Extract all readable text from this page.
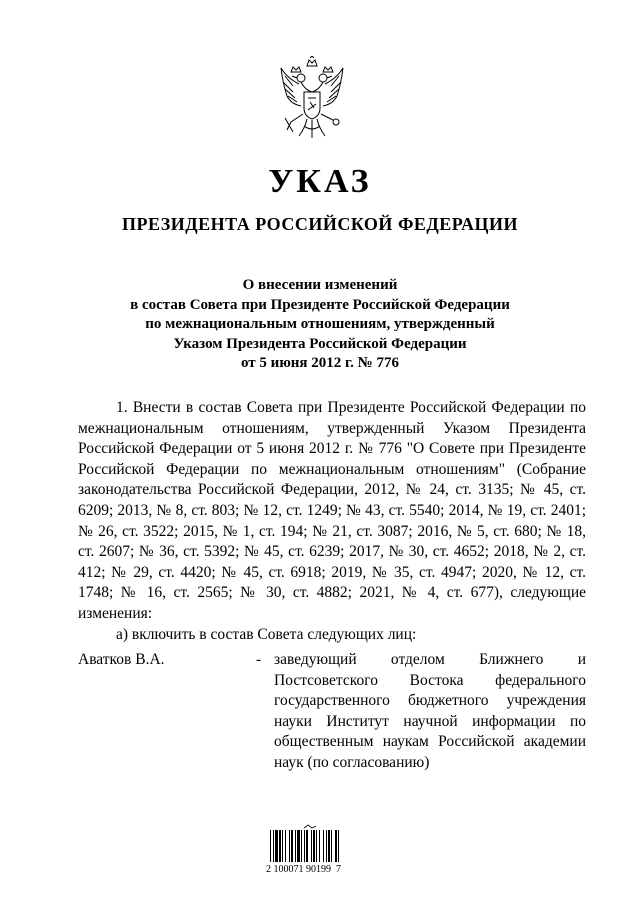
УКАЗ
ПРЕЗИДЕНТА РОССИЙСКОЙ ФЕДЕРАЦИИ
О внесении изменений
в состав Совета при Президенте Российской Федерации
по межнациональным отношениям, утвержденный
Указом Президента Российской Федерации
от 5 июня 2012 г. № 776

1. Внести в состав Совета при Президенте Российской Федерации по межнациональным отношениям, утвержденный Указом Президента Российской Федерации от 5 июня 2012 г. № 776 "О Совете при Президенте Российской Федерации по межнациональным отношениям" (Собрание законодательства Российской Федерации, 2012, № 24, ст. 3135; № 45, ст. 6209; 2013, № 8, ст. 803; № 12, ст. 1249; № 43, ст. 5540; 2014, № 19, ст. 2401; № 26, ст. 3522; 2015, № 1, ст. 194; № 21, ст. 3087; 2016, № 5, ст. 680; № 18, ст. 2607; № 36, ст. 5392; № 45, ст. 6239; 2017, № 30, ст. 4652; 2018, № 2, ст. 412; № 29, ст. 4420; № 45, ст. 6918; 2019, № 35, ст. 4947; 2020, № 12, ст. 1748; № 16, ст. 2565; № 30, ст. 4882; 2021, № 4, ст. 677), следующие изменения:

а) включить в состав Совета следующих лиц:

Аватков В.А.	- заведующий отделом Ближнего и Постсоветского Востока федерального государственного бюджетного учреждения науки Институт научной информации по общественным наукам Российской академии наук (по согласованию)
2 100071 90199  7
